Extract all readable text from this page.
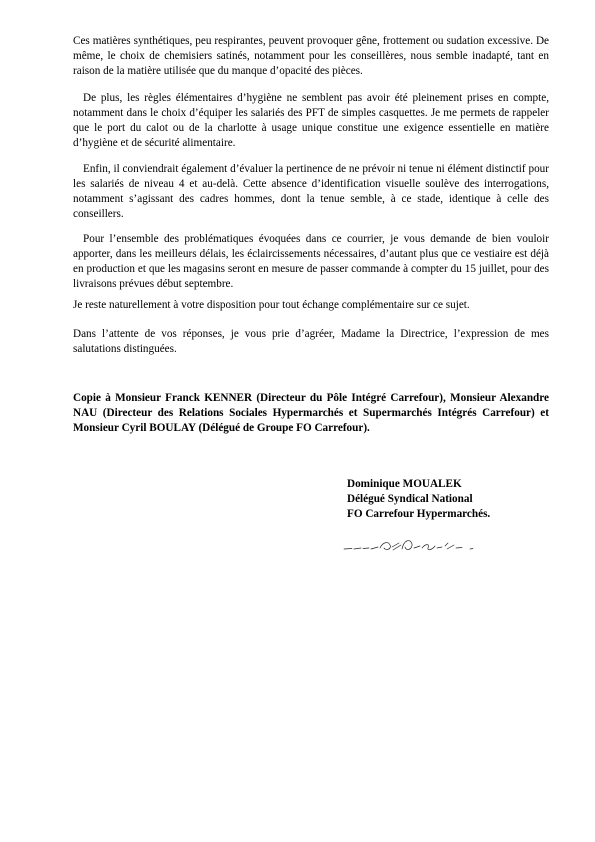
Ces matières synthétiques, peu respirantes, peuvent provoquer gêne, frottement ou sudation excessive. De même, le choix de chemisiers satinés, notamment pour les conseillères, nous semble inadapté, tant en raison de la matière utilisée que du manque d’opacité des pièces.

De plus, les règles élémentaires d’hygiène ne semblent pas avoir été pleinement prises en compte, notamment dans le choix d’équiper les salariés des PFT de simples casquettes. Je me permets de rappeler que le port du calot ou de la charlotte à usage unique constitue une exigence essentielle en matière d’hygiène et de sécurité alimentaire.

Enfin, il conviendrait également d’évaluer la pertinence de ne prévoir ni tenue ni élément distinctif pour les salariés de niveau 4 et au-delà. Cette absence d’identification visuelle soulève des interrogations, notamment s’agissant des cadres hommes, dont la tenue semble, à ce stade, identique à celle des conseillers.

Pour l’ensemble des problématiques évoquées dans ce courrier, je vous demande de bien vouloir apporter, dans les meilleurs délais, les éclaircissements nécessaires, d’autant plus que ce vestiaire est déjà en production et que les magasins seront en mesure de passer commande à compter du 15 juillet, pour des livraisons prévues début septembre.

Je reste naturellement à votre disposition pour tout échange complémentaire sur ce sujet.

Dans l’attente de vos réponses, je vous prie d’agréer, Madame la Directrice, l’expression de mes salutations distinguées.

Copie à Monsieur Franck KENNER (Directeur du Pôle Intégré Carrefour), Monsieur Alexandre NAU (Directeur des Relations Sociales Hypermarchés et Supermarchés Intégrés Carrefour) et Monsieur Cyril BOULAY (Délégué de Groupe FO Carrefour).

Dominique MOUALEK
Délégué Syndical National
FO Carrefour Hypermarchés.
